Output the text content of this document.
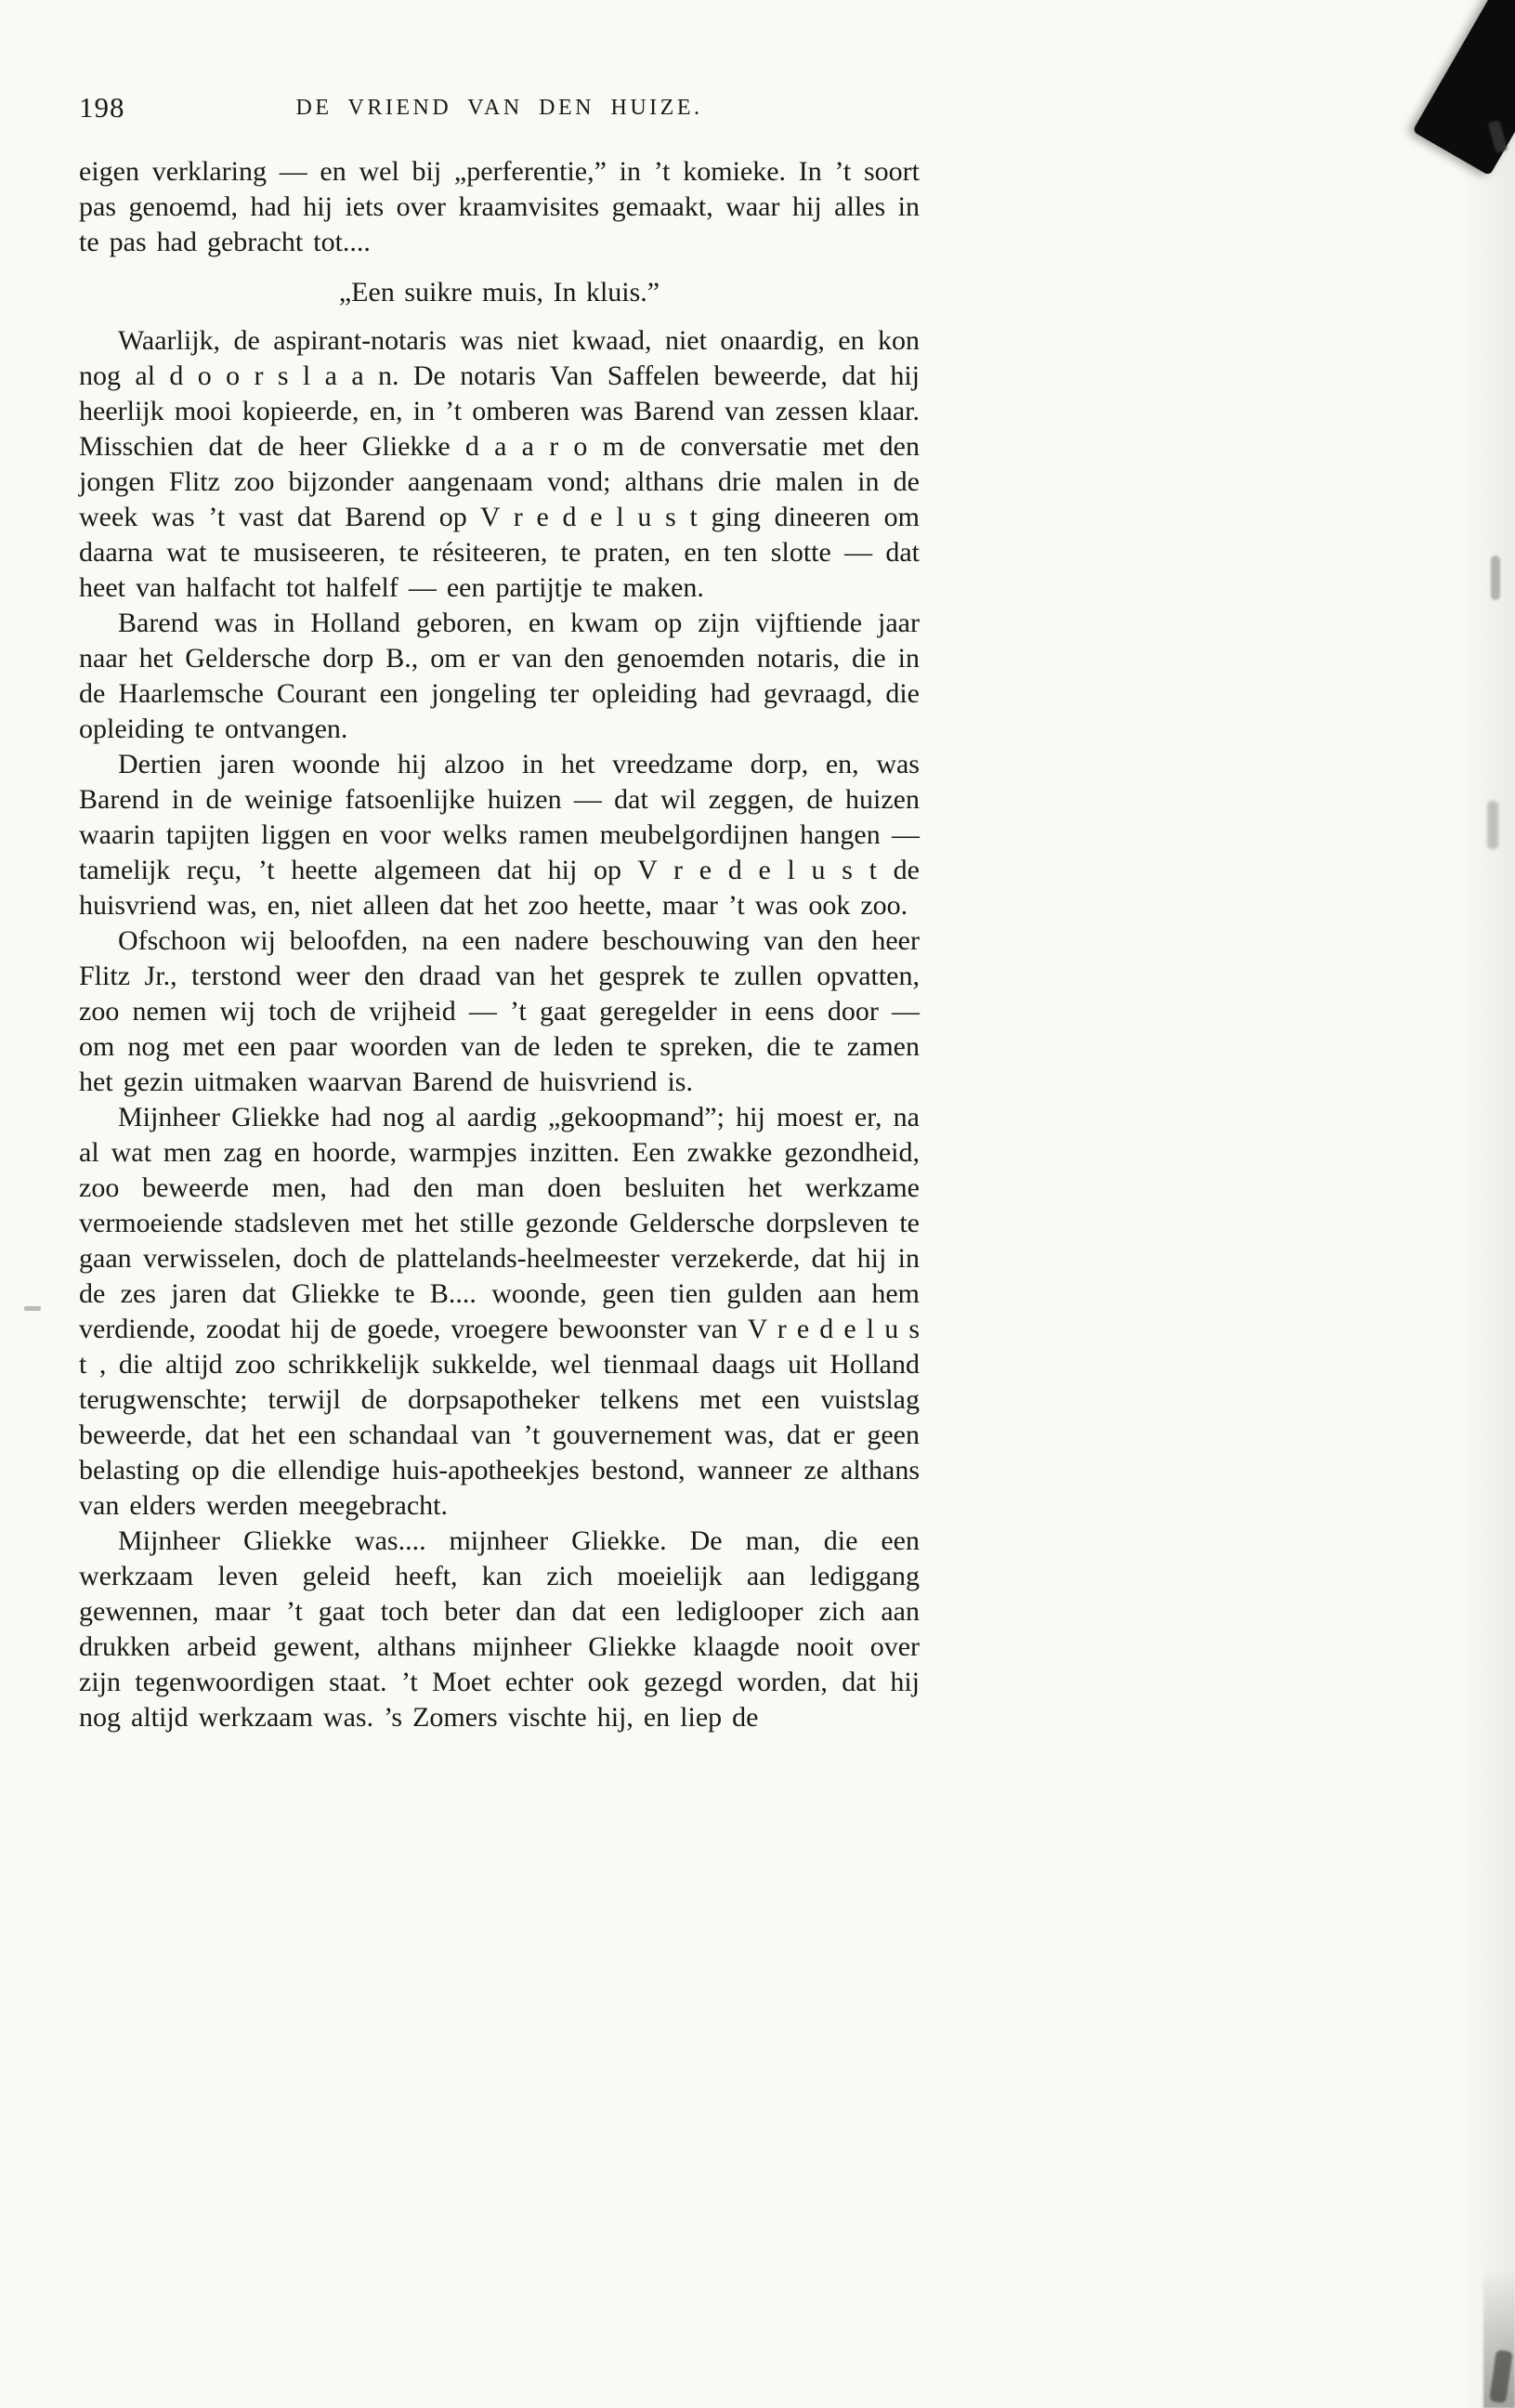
198	DE VRIEND VAN DEN HUIZE.

eigen verklaring — en wel bij „perferentie,” in ’t komieke. In ’t soort pas genoemd, had hij iets over kraamvisites gemaakt, waar hij alles in te pas had gebracht tot....

„Een suikre muis, In kluis.”

Waarlijk, de aspirant-notaris was niet kwaad, niet onaardig, en kon nog al d o o r s l a a n. De notaris Van Saffelen beweerde, dat hij heerlijk mooi kopieerde, en, in ’t omberen was Barend van zessen klaar. Misschien dat de heer Gliekke d a a r o m de conversatie met den jongen Flitz zoo bijzonder aangenaam vond; althans drie malen in de week was ’t vast dat Barend op V r e d e l u s t ging dineeren om daarna wat te musiseeren, te résiteeren, te praten, en ten slotte — dat heet van halfacht tot halfelf — een partijtje te maken.

Barend was in Holland geboren, en kwam op zijn vijftiende jaar naar het Geldersche dorp B., om er van den genoemden notaris, die in de Haarlemsche Courant een jongeling ter opleiding had gevraagd, die opleiding te ontvangen.

Dertien jaren woonde hij alzoo in het vreedzame dorp, en, was Barend in de weinige fatsoenlijke huizen — dat wil zeggen, de huizen waarin tapijten liggen en voor welks ramen meubelgordijnen hangen — tamelijk reçu, ’t heette algemeen dat hij op V r e d e l u s t de huisvriend was, en, niet alleen dat het zoo heette, maar ’t was ook zoo.

Ofschoon wij beloofden, na een nadere beschouwing van den heer Flitz Jr., terstond weer den draad van het gesprek te zullen opvatten, zoo nemen wij toch de vrijheid — ’t gaat geregelder in eens door — om nog met een paar woorden van de leden te spreken, die te zamen het gezin uitmaken waarvan Barend de huisvriend is.

Mijnheer Gliekke had nog al aardig „gekoopmand”; hij moest er, na al wat men zag en hoorde, warmpjes inzitten. Een zwakke gezondheid, zoo beweerde men, had den man doen besluiten het werkzame vermoeiende stadsleven met het stille gezonde Geldersche dorpsleven te gaan verwisselen, doch de plattelands-heelmeester verzekerde, dat hij in de zes jaren dat Gliekke te B.... woonde, geen tien gulden aan hem verdiende, zoodat hij de goede, vroegere bewoonster van V r e d e l u s t , die altijd zoo schrikkelijk sukkelde, wel tienmaal daags uit Holland terugwenschte; terwijl de dorpsapotheker telkens met een vuistslag beweerde, dat het een schandaal van ’t gouvernement was, dat er geen belasting op die ellendige huis-apotheekjes bestond, wanneer ze althans van elders werden meegebracht.

Mijnheer Gliekke was.... mijnheer Gliekke. De man, die een werkzaam leven geleid heeft, kan zich moeielijk aan lediggang gewennen, maar ’t gaat toch beter dan dat een lediglooper zich aan drukken arbeid gewent, althans mijnheer Gliekke klaagde nooit over zijn tegenwoordigen staat. ’t Moet echter ook gezegd worden, dat hij nog altijd werkzaam was. ’s Zomers vischte hij, en liep de
